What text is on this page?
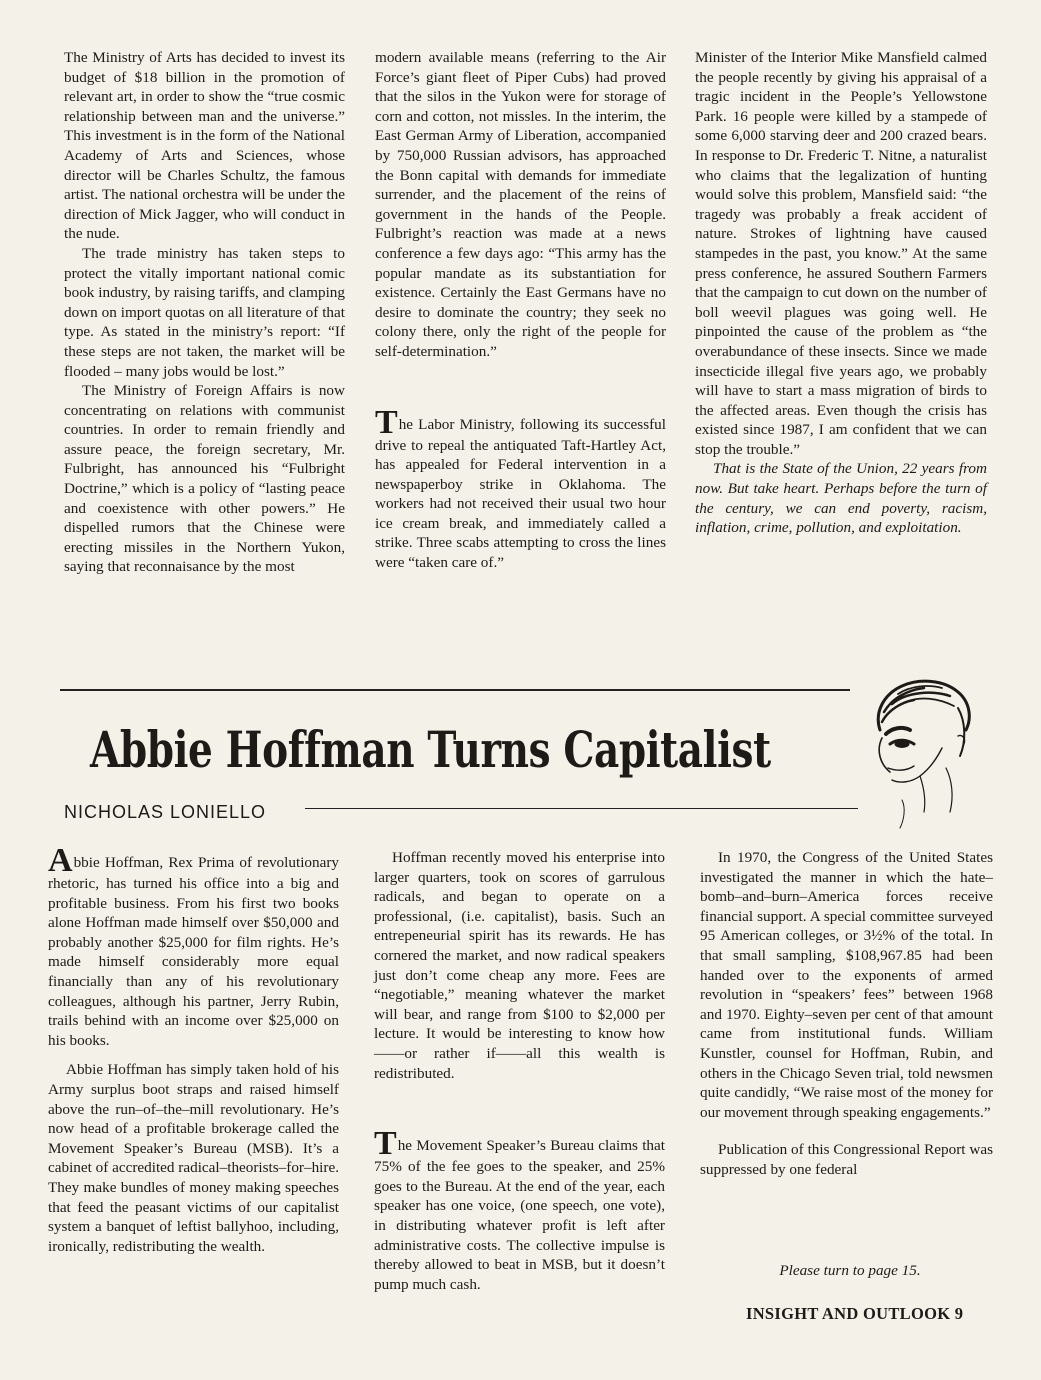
The Ministry of Arts has decided to invest its budget of $18 billion in the promotion of relevant art, in order to show the “true cosmic relationship between man and the universe.” This investment is in the form of the National Academy of Arts and Sciences, whose director will be Charles Schultz, the famous artist. The national orchestra will be under the direction of Mick Jagger, who will conduct in the nude.

The trade ministry has taken steps to protect the vitally important national comic book industry, by raising tariffs, and clamping down on import quotas on all literature of that type. As stated in the ministry’s report: “If these steps are not taken, the market will be flooded – many jobs would be lost.”

The Ministry of Foreign Affairs is now concentrating on relations with communist countries. In order to remain friendly and assure peace, the foreign secretary, Mr. Fulbright, has announced his “Fulbright Doctrine,” which is a policy of “lasting peace and coexistence with other powers.” He dispelled rumors that the Chinese were erecting missiles in the Northern Yukon, saying that reconnaisance by the most

modern available means (referring to the Air Force’s giant fleet of Piper Cubs) had proved that the silos in the Yukon were for storage of corn and cotton, not missles. In the interim, the East German Army of Liberation, accompanied by 750,000 Russian advisors, has approached the Bonn capital with demands for immediate surrender, and the placement of the reins of government in the hands of the People. Fulbright’s reaction was made at a news conference a few days ago: “This army has the popular mandate as its substantiation for existence. Certainly the East Germans have no desire to dominate the country; they seek no colony there, only the right of the people for self-determination.”

The Labor Ministry, following its successful drive to repeal the antiquated Taft-Hartley Act, has appealed for Federal intervention in a newspaperboy strike in Oklahoma. The workers had not received their usual two hour ice cream break, and immediately called a strike. Three scabs attempting to cross the lines were “taken care of.”

Minister of the Interior Mike Mansfield calmed the people recently by giving his appraisal of a tragic incident in the People’s Yellowstone Park. 16 people were killed by a stampede of some 6,000 starving deer and 200 crazed bears. In response to Dr. Frederic T. Nitne, a naturalist who claims that the legalization of hunting would solve this problem, Mansfield said: “the tragedy was probably a freak accident of nature. Strokes of lightning have caused stampedes in the past, you know.” At the same press conference, he assured Southern Farmers that the campaign to cut down on the number of boll weevil plagues was going well. He pinpointed the cause of the problem as “the overabundance of these insects. Since we made insecticide illegal five years ago, we probably will have to start a mass migration of birds to the affected areas. Even though the crisis has existed since 1987, I am confident that we can stop the trouble.”

That is the State of the Union, 22 years from now. But take heart. Perhaps before the turn of the century, we can end poverty, racism, inflation, crime, pollution, and exploitation.

Abbie Hoffman Turns Capitalist
NICHOLAS LONIELLO

Abbie Hoffman, Rex Prima of revolutionary rhetoric, has turned his office into a big and profitable business. From his first two books alone Hoffman made himself over $50,000 and probably another $25,000 for film rights. He’s made himself considerably more equal financially than any of his revolutionary colleagues, although his partner, Jerry Rubin, trails behind with an income over $25,000 on his books.

Abbie Hoffman has simply taken hold of his Army surplus boot straps and raised himself above the run–of–the–mill revolutionary. He’s now head of a profitable brokerage called the Movement Speaker’s Bureau (MSB). It’s a cabinet of accredited radical–theorists–for–hire. They make bundles of money making speeches that feed the peasant victims of our capitalist system a banquet of leftist ballyhoo, including, ironically, redistributing the wealth.

Hoffman recently moved his enterprise into larger quarters, took on scores of garrulous radicals, and began to operate on a professional, (i.e. capitalist), basis. Such an entrepeneurial spirit has its rewards. He has cornered the market, and now radical speakers just don’t come cheap any more. Fees are “negotiable,” meaning whatever the market will bear, and range from $100 to $2,000 per lecture. It would be interesting to know how——or rather if——all this wealth is redistributed.

The Movement Speaker’s Bureau claims that 75% of the fee goes to the speaker, and 25% goes to the Bureau. At the end of the year, each speaker has one voice, (one speech, one vote), in distributing whatever profit is left after administrative costs. The collective impulse is thereby allowed to beat in MSB, but it doesn’t pump much cash.

In 1970, the Congress of the United States investigated the manner in which the hate–bomb–and–burn–America forces receive financial support. A special committee surveyed 95 American colleges, or 3½% of the total. In that small sampling, $108,967.85 had been handed over to the exponents of armed revolution in “speakers’ fees” between 1968 and 1970. Eighty–seven per cent of that amount came from institutional funds. William Kunstler, counsel for Hoffman, Rubin, and others in the Chicago Seven trial, told newsmen quite candidly, “We raise most of the money for our movement through speaking engagements.”

Publication of this Congressional Report was suppressed by one federal

Please turn to page 15.
INSIGHT AND OUTLOOK 9
